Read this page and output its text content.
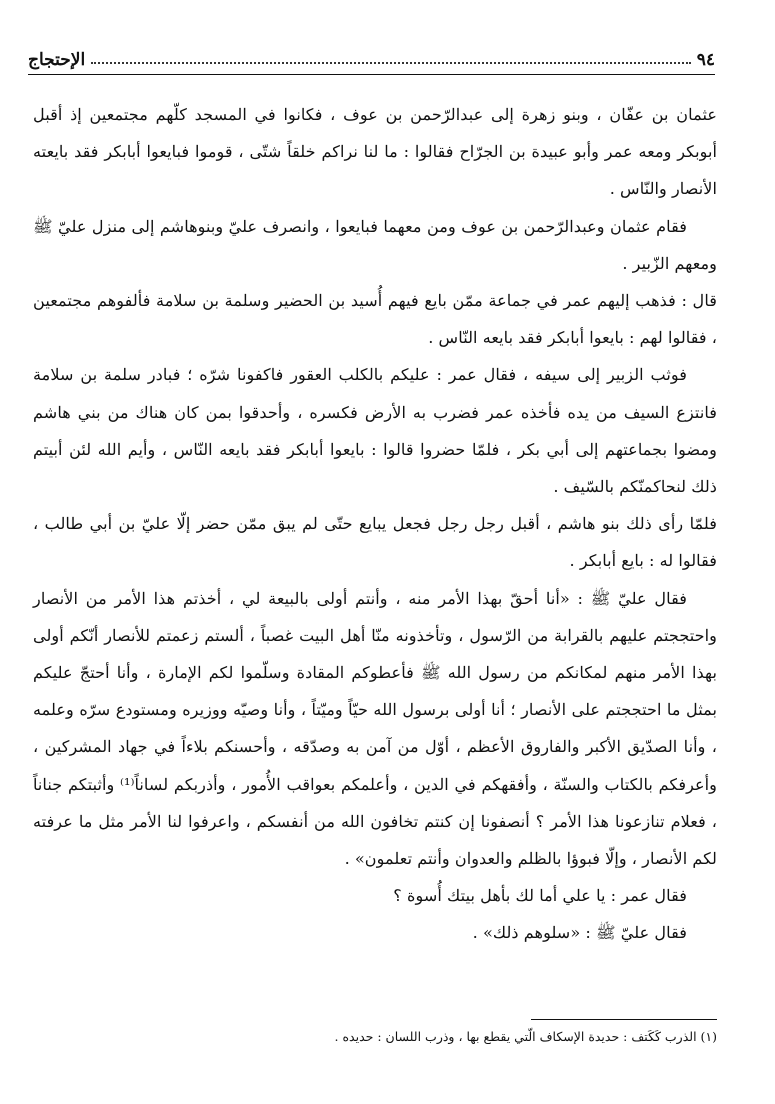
٩٤
الإحتجاج

عثمان بن عفّان ، وبنو زهرة إلى عبدالرّحمن بن عوف ، فكانوا في المسجد كلّهم مجتمعين إذ أقبل أبوبكر ومعه عمر وأبو عبيدة بن الجرّاح فقالوا : ما لنا نراكم خلقاً شتّى ، قوموا فبايعوا أبابكر فقد بايعته الأنصار والنّاس .

فقام عثمان وعبدالرّحمن بن عوف ومن معهما فبايعوا ، وانصرف عليّ وبنوهاشم إلى منزل عليّ ﷺ ومعهم الزّبير .

قال : فذهب إليهم عمر في جماعة ممّن بايع فيهم أُسيد بن الحضير وسلمة بن سلامة فألفوهم مجتمعين ، فقالوا لهم : بايعوا أبابكر فقد بايعه النّاس .

فوثب الزبير إلى سيفه ، فقال عمر : عليكم بالكلب العقور فاكفونا شرّه ؛ فبادر سلمة بن سلامة فانتزع السيف من يده فأخذه عمر فضرب به الأرض فكسره ، وأحدقوا بمن كان هناك من بني هاشم ومضوا بجماعتهم إلى أبي بكر ، فلمّا حضروا قالوا : بايعوا أبابكر فقد بايعه النّاس ، وأيم الله لئن أبيتم ذلك لنحاكمنّكم بالسّيف .

فلمّا رأى ذلك بنو هاشم ، أقبل رجل رجل فجعل يبايع حتّى لم يبق ممّن حضر إلّا عليّ بن أبي طالب ، فقالوا له : بايع أبابكر .

فقال عليّ ﷺ : «أنا أحقّ بهذا الأمر منه ، وأنتم أولى بالبيعة لي ، أخذتم هذا الأمر من الأنصار واحتججتم عليهم بالقرابة من الرّسول ، وتأخذونه منّا أهل البيت غصباً ، ألستم زعمتم للأنصار أنّكم أولى بهذا الأمر منهم لمكانكم من رسول الله ﷺ فأعطوكم المقادة وسلّموا لكم الإمارة ، وأنا أحتجّ عليكم بمثل ما احتججتم على الأنصار ؛ أنا أولى برسول الله حيّاً وميّتاً ، وأنا وصيّه ووزيره ومستودع سرّه وعلمه ، وأنا الصدّيق الأكبر والفاروق الأعظم ، أوّل من آمن به وصدّقه ، وأحسنكم بلاءاً في جهاد المشركين ، وأعرفكم بالكتاب والسنّة ، وأفقهكم في الدين ، وأعلمكم بعواقب الأُمور ، وأذربكم لساناً⁽¹⁾ وأثبتكم جناناً ، فعلام تنازعونا هذا الأمر ؟ أنصفونا إن كنتم تخافون الله من أنفسكم ، واعرفوا لنا الأمر مثل ما عرفته لكم الأنصار ، وإلّا فبوؤا بالظلم والعدوان وأنتم تعلمون» .

فقال عمر : يا علي أما لك بأهل بيتك أُسوة ؟

فقال عليّ ﷺ : «سلوهم ذلك» .

(١) الذرب كَكَتف : حديدة الإسكاف الّتي يقطع بها ، وذرب اللسان : حديده .
